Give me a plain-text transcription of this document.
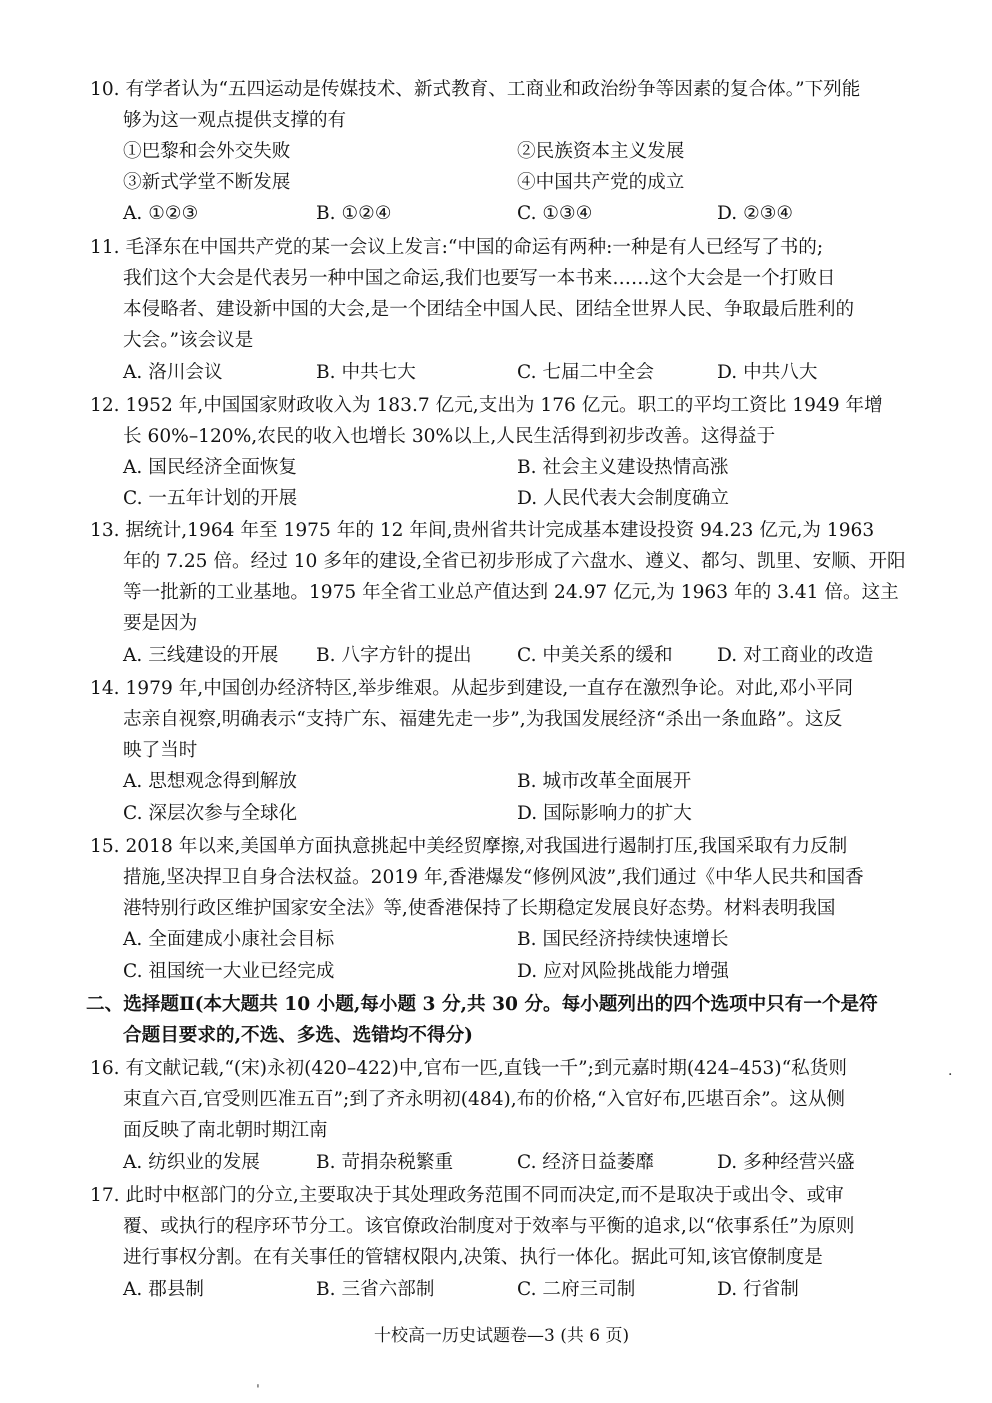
10. 有学者认为“五四运动是传媒技术、新式教育、工商业和政治纷争等因素的复合体。”下列能
够为这一观点提供支撑的有
①巴黎和会外交失败	②民族资本主义发展
③新式学堂不断发展	④中国共产党的成立
A. ①②③	B. ①②④	C. ①③④	D. ②③④
11. 毛泽东在中国共产党的某一会议上发言:“中国的命运有两种:一种是有人已经写了书的;
我们这个大会是代表另一种中国之命运,我们也要写一本书来……这个大会是一个打败日
本侵略者、建设新中国的大会,是一个团结全中国人民、团结全世界人民、争取最后胜利的
大会。”该会议是
A. 洛川会议	B. 中共七大	C. 七届二中全会	D. 中共八大
12. 1952 年,中国国家财政收入为 183.7 亿元,支出为 176 亿元。职工的平均工资比 1949 年增
长 60%–120%,农民的收入也增长 30%以上,人民生活得到初步改善。这得益于
A. 国民经济全面恢复	B. 社会主义建设热情高涨
C. 一五年计划的开展	D. 人民代表大会制度确立
13. 据统计,1964 年至 1975 年的 12 年间,贵州省共计完成基本建设投资 94.23 亿元,为 1963
年的 7.25 倍。经过 10 多年的建设,全省已初步形成了六盘水、遵义、都匀、凯里、安顺、开阳
等一批新的工业基地。1975 年全省工业总产值达到 24.97 亿元,为 1963 年的 3.41 倍。这主
要是因为
A. 三线建设的开展 B. 八字方针的提出 C. 中美关系的缓和 D. 对工商业的改造
14. 1979 年,中国创办经济特区,举步维艰。从起步到建设,一直存在激烈争论。对此,邓小平同
志亲自视察,明确表示“支持广东、福建先走一步”,为我国发展经济“杀出一条血路”。这反
映了当时
A. 思想观念得到解放	B. 城市改革全面展开
C. 深层次参与全球化	D. 国际影响力的扩大
15. 2018 年以来,美国单方面执意挑起中美经贸摩擦,对我国进行遏制打压,我国采取有力反制
措施,坚决捍卫自身合法权益。2019 年,香港爆发“修例风波”,我们通过《中华人民共和国香
港特别行政区维护国家安全法》等,使香港保持了长期稳定发展良好态势。材料表明我国
A. 全面建成小康社会目标	B. 国民经济持续快速增长
C. 祖国统一大业已经完成	D. 应对风险挑战能力增强
二、选择题Ⅱ(本大题共 10 小题,每小题 3 分,共 30 分。每小题列出的四个选项中只有一个是符
合题目要求的,不选、多选、选错均不得分)
16. 有文献记载,“(宋)永初(420–422)中,官布一匹,直钱一千”;到元嘉时期(424–453)“私货则
束直六百,官受则匹准五百”;到了齐永明初(484),布的价格,“入官好布,匹堪百余”。这从侧
面反映了南北朝时期江南
A. 纺织业的发展	B. 苛捐杂税繁重	C. 经济日益萎靡	D. 多种经营兴盛
17. 此时中枢部门的分立,主要取决于其处理政务范围不同而决定,而不是取决于或出令、或审
覆、或执行的程序环节分工。该官僚政治制度对于效率与平衡的追求,以“依事系任”为原则
进行事权分割。在有关事任的管辖权限内,决策、执行一体化。据此可知,该官僚制度是
A. 郡县制	B. 三省六部制	C. 二府三司制	D. 行省制
十校高一历史试题卷—3 (共 6 页)
·
ˈ
